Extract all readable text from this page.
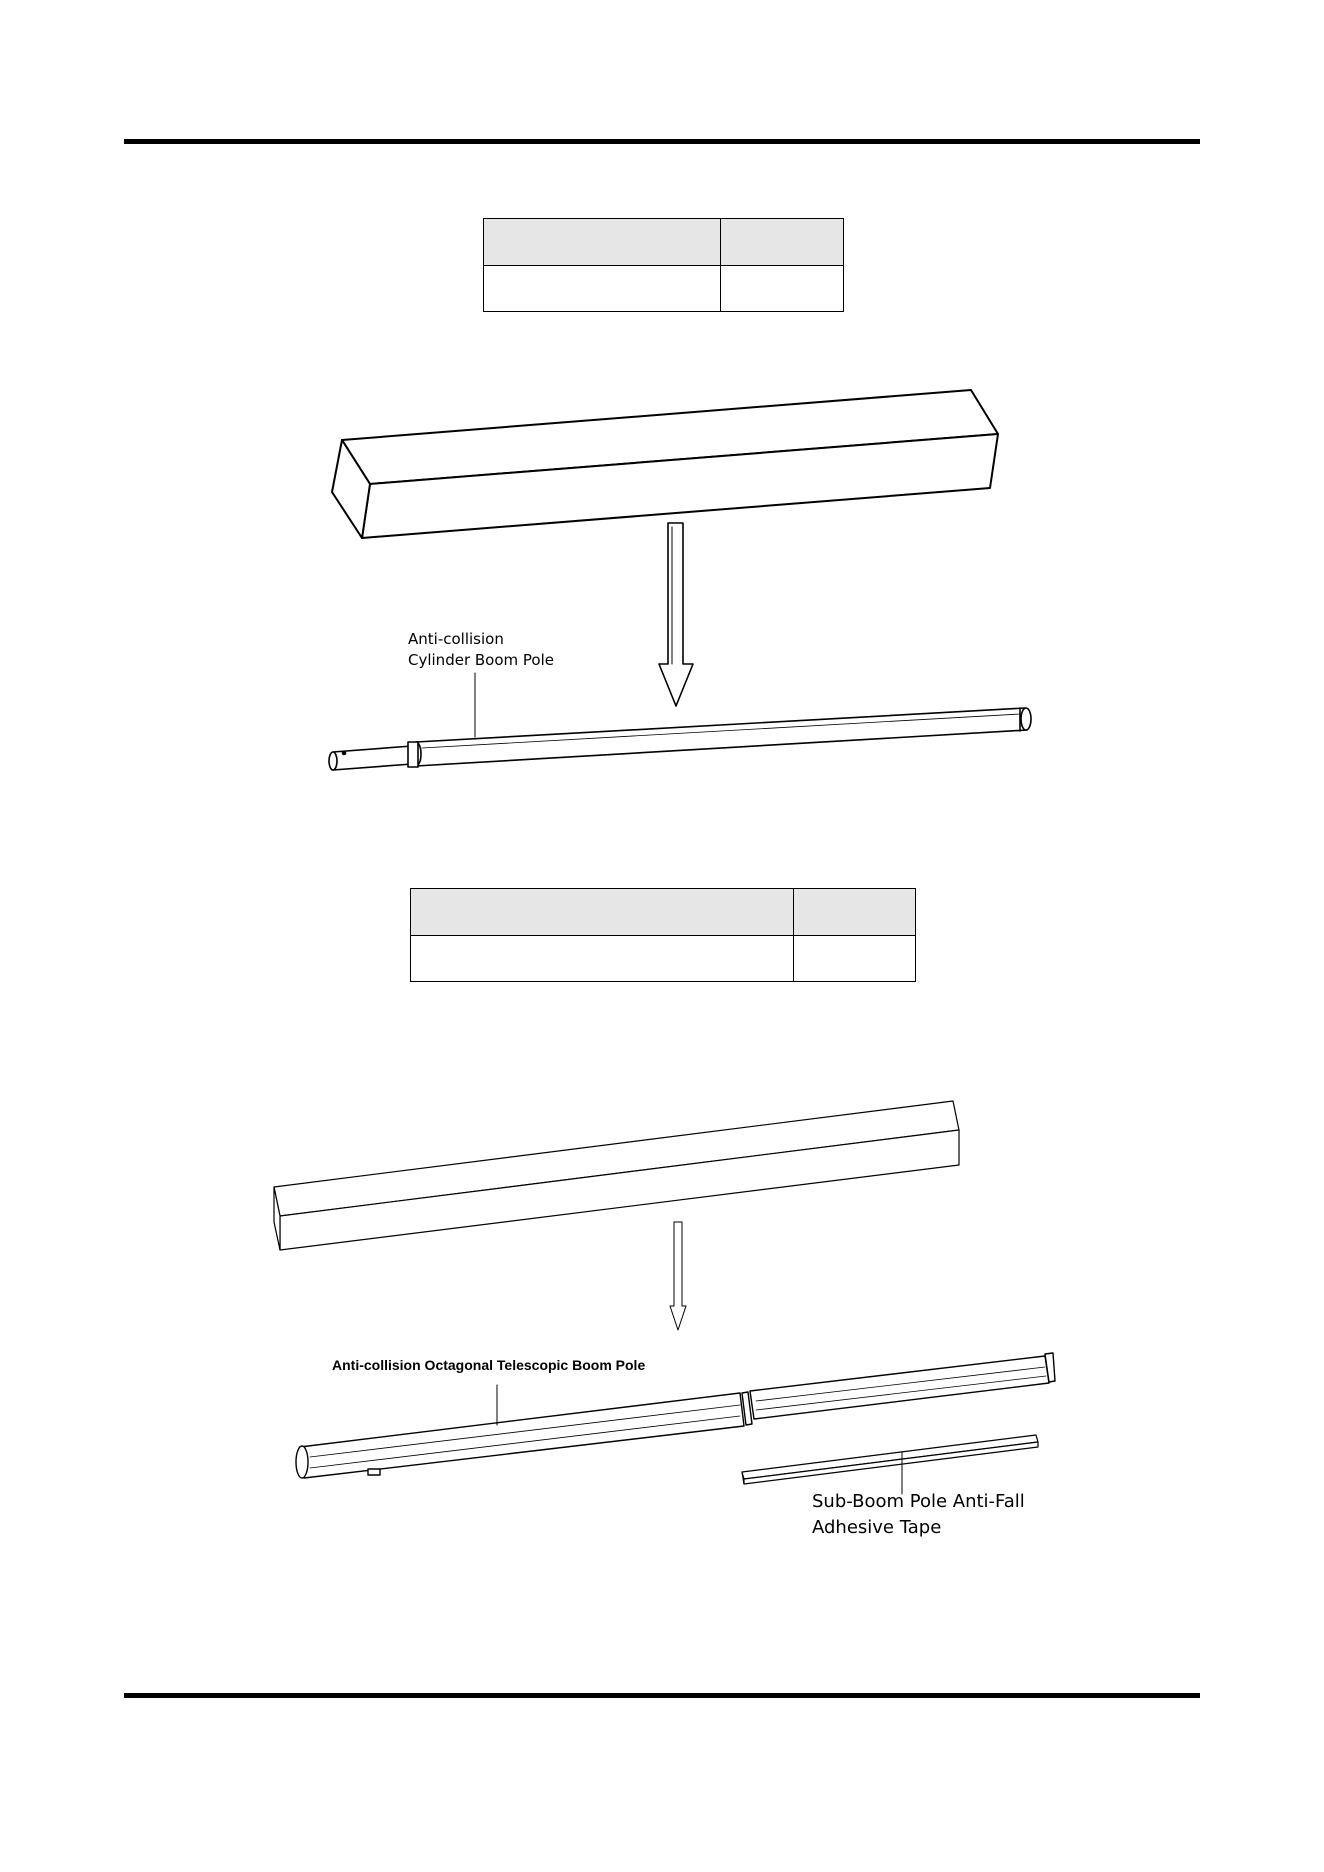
Anti-collision
Cylinder Boom Pole
Anti-collision Octagonal Telescopic Boom Pole
Sub-Boom Pole Anti-Fall
Adhesive Tape
